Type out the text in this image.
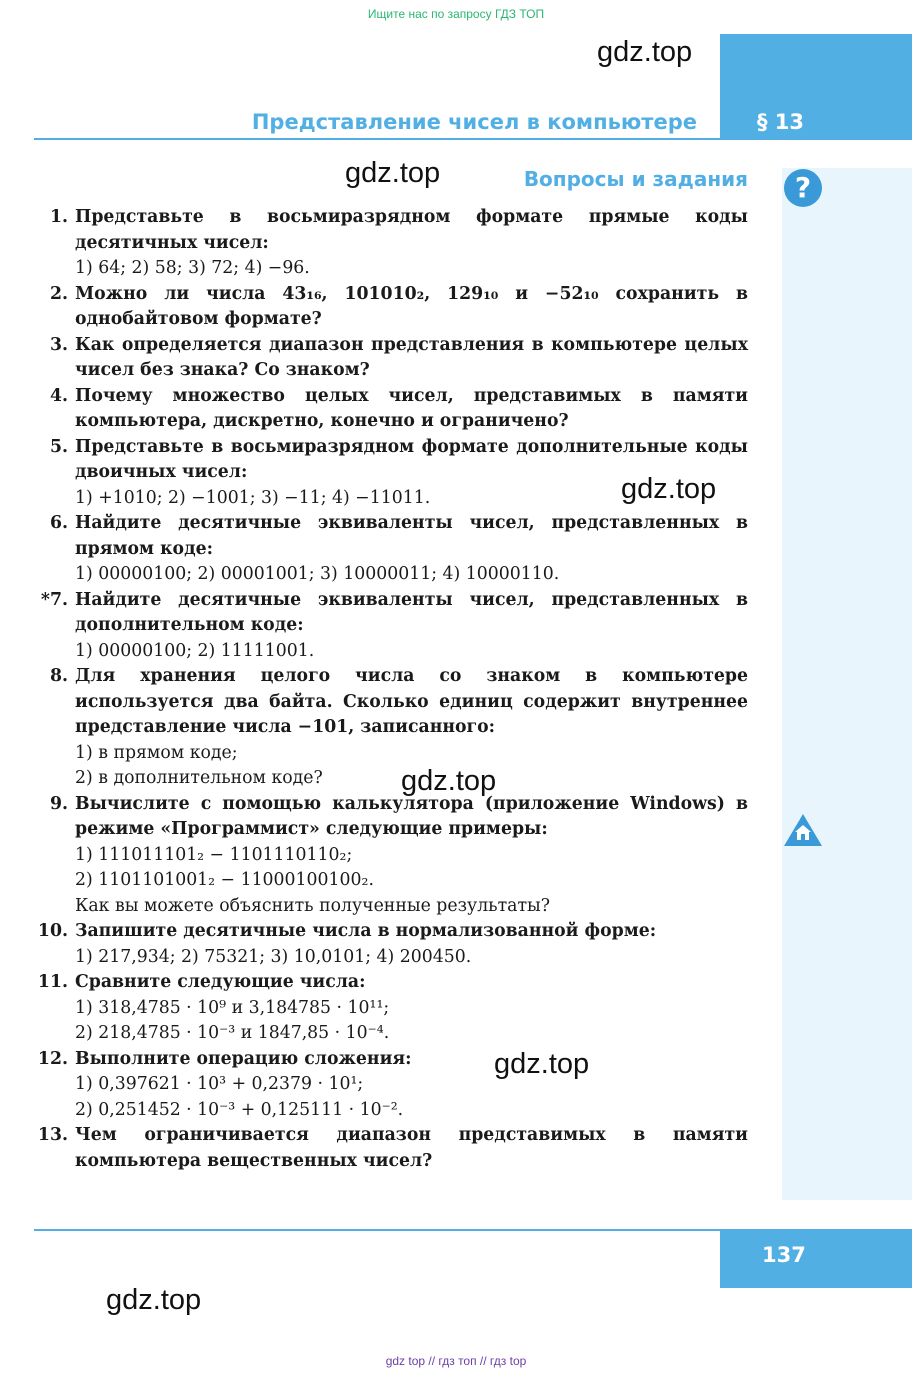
Ищите нас по запросу ГДЗ ТОП
gdz.top
§ 13
Представление чисел в компьютере
gdz.top	Вопросы и задания	?
1. Представьте в восьмиразрядном формате прямые коды десятичных чисел:
1) 64; 2) 58; 3) 72; 4) −96.
2. Можно ли числа 43₁₆, 101010₂, 129₁₀ и −52₁₀ сохранить в однобайтовом формате?
3. Как определяется диапазон представления в компьютере целых чисел без знака? Со знаком?
4. Почему множество целых чисел, представимых в памяти компьютера, дискретно, конечно и ограничено?
5. Представьте в восьмиразрядном формате дополнительные коды двоичных чисел:
1) +1010; 2) −1001; 3) −11; 4) −11011.
6. Найдите десятичные эквиваленты чисел, представленных в прямом коде:
1) 00000100; 2) 00001001; 3) 10000011; 4) 10000110.
*7. Найдите десятичные эквиваленты чисел, представленных в дополнительном коде:
1) 00000100; 2) 11111001.
8. Для хранения целого числа со знаком в компьютере используется два байта. Сколько единиц содержит внутреннее представление числа −101, записанного:
1) в прямом коде;
2) в дополнительном коде?
9. Вычислите с помощью калькулятора (приложение Windows) в режиме «Программист» следующие примеры:
1) 111011101₂ − 1101110110₂;
2) 1101101001₂ − 11000100100₂.
Как вы можете объяснить полученные результаты?
10. Запишите десятичные числа в нормализованной форме:
1) 217,934; 2) 75321; 3) 10,0101; 4) 200450.
11. Сравните следующие числа:
1) 318,4785 · 10⁹ и 3,184785 · 10¹¹;
2) 218,4785 · 10⁻³ и 1847,85 · 10⁻⁴.
12. Выполните операцию сложения:
1) 0,397621 · 10³ + 0,2379 · 10¹;
2) 0,251452 · 10⁻³ + 0,125111 · 10⁻².
13. Чем ограничивается диапазон представимых в памяти компьютера вещественных чисел?
gdz.top
gdz.top
gdz.top
137
gdz.top
gdz top // гдз топ // гдз top
